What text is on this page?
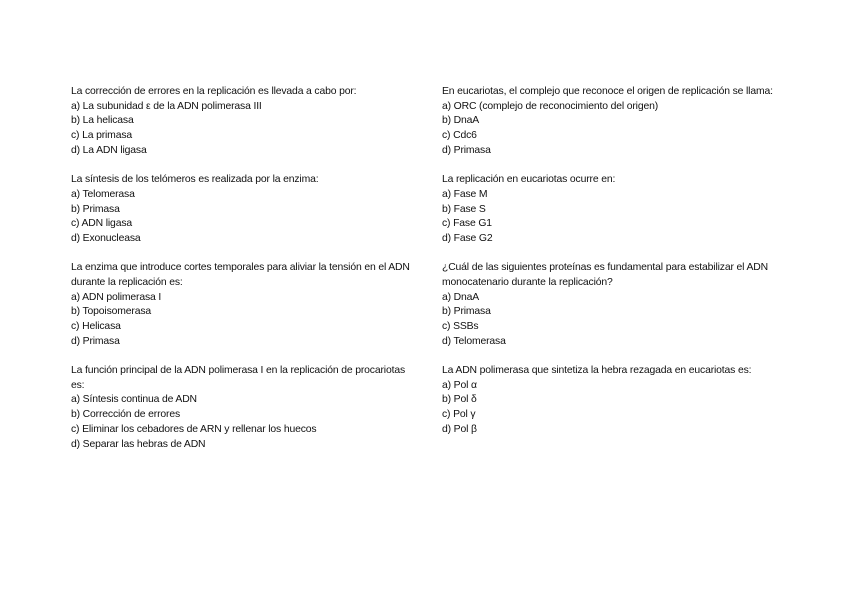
La corrección de errores en la replicación es llevada a cabo por:
a) La subunidad ε de la ADN polimerasa III
b) La helicasa
c) La primasa
d) La ADN ligasa
La síntesis de los telómeros es realizada por la enzima:
a) Telomerasa
b) Primasa
c) ADN ligasa
d) Exonucleasa
La enzima que introduce cortes temporales para aliviar la tensión en el ADN durante la replicación es:
a) ADN polimerasa I
b) Topoisomerasa
c) Helicasa
d) Primasa
La función principal de la ADN polimerasa I en la replicación de procariotas es:
a) Síntesis continua de ADN
b) Corrección de errores
c) Eliminar los cebadores de ARN y rellenar los huecos
d) Separar las hebras de ADN
En eucariotas, el complejo que reconoce el origen de replicación se llama:
a) ORC (complejo de reconocimiento del origen)
b) DnaA
c) Cdc6
d) Primasa
La replicación en eucariotas ocurre en:
a) Fase M
b) Fase S
c) Fase G1
d) Fase G2
¿Cuál de las siguientes proteínas es fundamental para estabilizar el ADN monocatenario durante la replicación?
a) DnaA
b) Primasa
c) SSBs
d) Telomerasa
La ADN polimerasa que sintetiza la hebra rezagada en eucariotas es:
a) Pol α
b) Pol δ
c) Pol γ
d) Pol β
